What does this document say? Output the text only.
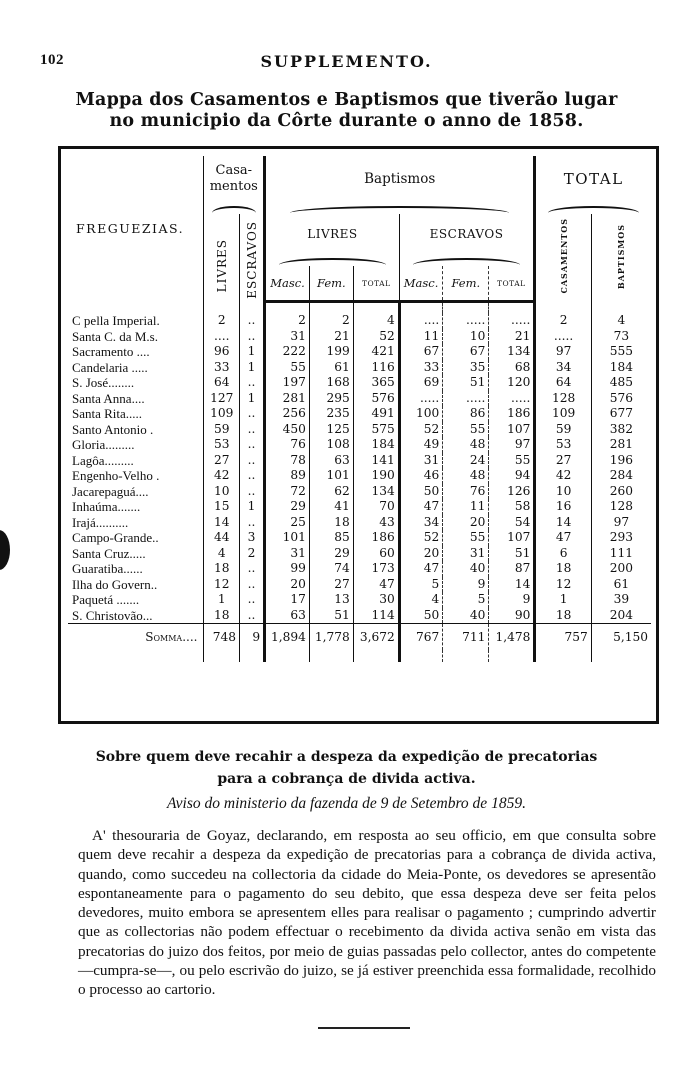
102	SUPPLEMENTO.
Mappa dos Casamentos e Baptismos que tiverão lugar
no municipio da Côrte durante o anno de 1858.
FREGUEZIAS.	Casa-
mentos		Baptismos						TOTAL	

	LIVRES	ESCRAVOS	LIVRES			ESCRAVOS			CASAMENTOS	BAPTISMOS

			Masc.	Fem.	TOTAL	Masc.	Fem.	TOTAL		

C pella Imperial.	2	..	2	2	4	....	.....	.....	2	4
Santa C. da M.s.	....	..	31	21	52	11	10	21	.....	73
Sacramento ....	96	1	222	199	421	67	67	134	97	555
Candelaria .....	33	1	55	61	116	33	35	68	34	184
S. José........	64	..	197	168	365	69	51	120	64	485
Santa Anna....	127	1	281	295	576	.....	.....	.....	128	576
Santa Rita.....	109	..	256	235	491	100	86	186	109	677
Santo Antonio .	59	..	450	125	575	52	55	107	59	382
Gloria.........	53	..	76	108	184	49	48	97	53	281
Lagôa.........	27	..	78	63	141	31	24	55	27	196
Engenho-Velho .	42	..	89	101	190	46	48	94	42	284
Jacarepaguá....	10	..	72	62	134	50	76	126	10	260
Inhaúma.......	15	1	29	41	70	47	11	58	16	128
Irajá..........	14	..	25	18	43	34	20	54	14	97
Campo-Grande..	44	3	101	85	186	52	55	107	47	293
Santa Cruz.....	4	2	31	29	60	20	31	51	6	111
Guaratiba......	18	..	99	74	173	47	40	87	18	200
Ilha do Govern..	12	..	20	27	47	5	9	14	12	61
Paquetá .......	1	..	17	13	30	4	5	9	1	39
S. Christovão...	18	..	63	51	114	50	40	90	18	204
Somma....	748	9	1,894	1,778	3,672	767	711	1,478	757	5,150

Sobre quem deve recahir a despeza da expedição de precatorias
para a cobrança de divida activa.
Aviso do ministerio da fazenda de 9 de Setembro de 1859.

A' thesouraria de Goyaz, declarando, em resposta ao seu officio, em que consulta sobre quem deve recahir a despeza da expedição de precatorias para a cobrança de divida activa, quando, como succedeu na collectoria da cidade do Meia-Ponte, os devedores se apresentão espontaneamente para o pagamento do seu debito, que essa despeza deve ser feita pelos devedores, muito embora se apresentem elles para realisar o pagamento ; cumprindo advertir que as collectorias não podem effectuar o recebimento da divida activa senão em vista das precatorias do juizo dos feitos, por meio de guias passadas pelo collector, antes do competente—cumpra-se—, ou pelo escrivão do juizo, se já estiver preenchida essa formalidade, recolhido o processo ao cartorio.
